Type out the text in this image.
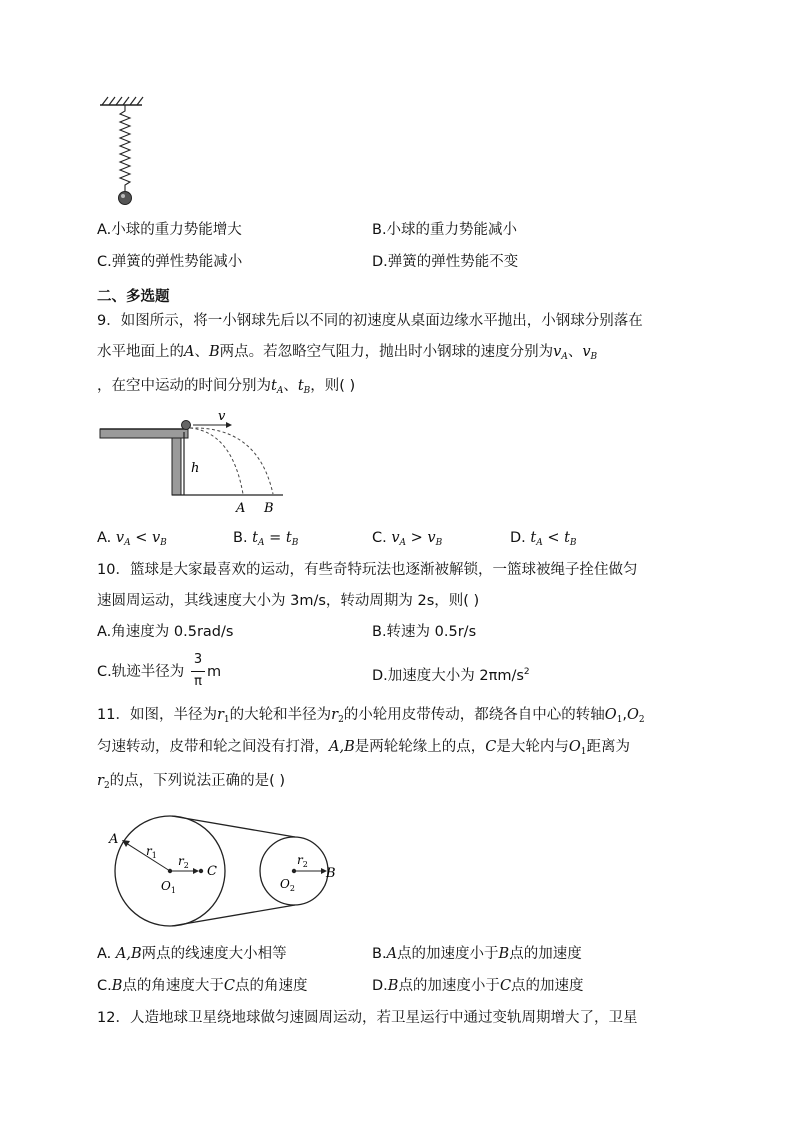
A.小球的重力势能增大	B.小球的重力势能减小
C.弹簧的弹性势能减小	D.弹簧的弹性势能不变
二、多选题
9．如图所示，将一小钢球先后以不同的初速度从桌面边缘水平抛出，小钢球分别落在
水平地面上的A、B两点。若忽略空气阻力，抛出时小钢球的速度分别为$v_A$、$v_B$
，在空中运动的时间分别为$t_A$、$t_B$，则( )
v
h
A B
A. $v_A < v_B$	B. $t_A = t_B$	C. $v_A > v_B$	D. $t_A < t_B$
10．篮球是大家最喜欢的运动，有些奇特玩法也逐渐被解锁，一篮球被绳子拴住做匀
速圆周运动，其线速度大小为 3m/s，转动周期为 2s，则( )
A.角速度为 0.5rad/s	B.转速为 0.5r/s
C.轨迹半径为
3
π
m	D.加速度大小为 $2\pi m/s^2$
11．如图，半径为$r_1$的大轮和半径为$r_2$的小轮用皮带传动，都绕各自中心的转轴$O_1,O_2$
匀速转动，皮带和轮之间没有打滑，A,B是两轮轮缘上的点，C是大轮内与$O_1$距离为
$r_2$的点，下列说法正确的是( )
A
C	B
$r_1$ $r_2$	$r_2$
$O_1$	$O_2$
A. A,B两点的线速度大小相等	B.A点的加速度小于B点的加速度
C.B点的角速度大于C点的角速度	D.B点的加速度小于C点的加速度
12．人造地球卫星绕地球做匀速圆周运动，若卫星运行中通过变轨周期增大了，卫星
